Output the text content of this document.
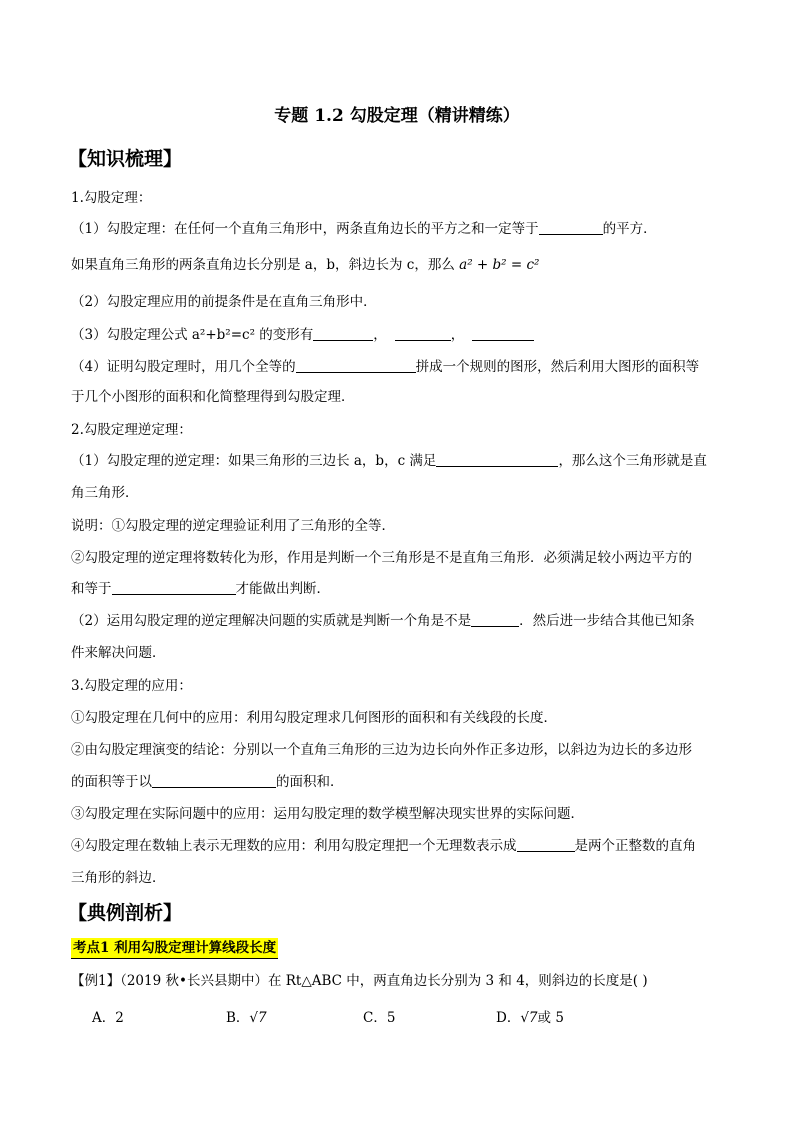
专题 1.2 勾股定理（精讲精练）
【知识梳理】
1.勾股定理：
（1）勾股定理：在任何一个直角三角形中，两条直角边长的平方之和一定等于	的平方．
如果直角三角形的两条直角边长分别是 a，b，斜边长为 c，那么 a² + b² = c²
（2）勾股定理应用的前提条件是在直角三角形中．
（3）勾股定理公式 a²+b²=c² 的变形有	，	，
（4）证明勾股定理时，用几个全等的	拼成一个规则的图形，然后利用大图形的面积等
于几个小图形的面积和化简整理得到勾股定理．
2.勾股定理逆定理：
（1）勾股定理的逆定理：如果三角形的三边长 a，b，c 满足	，那么这个三角形就是直
角三角形．
说明：①勾股定理的逆定理验证利用了三角形的全等．
②勾股定理的逆定理将数转化为形，作用是判断一个三角形是不是直角三角形．必须满足较小两边平方的
和等于	才能做出判断．
（2）运用勾股定理的逆定理解决问题的实质就是判断一个角是不是	．然后进一步结合其他已知条
件来解决问题．
3.勾股定理的应用：
①勾股定理在几何中的应用：利用勾股定理求几何图形的面积和有关线段的长度．
②由勾股定理演变的结论：分别以一个直角三角形的三边为边长向外作正多边形，以斜边为边长的多边形
的面积等于以	的面积和．
③勾股定理在实际问题中的应用：运用勾股定理的数学模型解决现实世界的实际问题．
④勾股定理在数轴上表示无理数的应用：利用勾股定理把一个无理数表示成	是两个正整数的直角
三角形的斜边．
【典例剖析】
考点1 利用勾股定理计算线段长度
【例1】（2019 秋•长兴县期中）在 Rt△ABC 中，两直角边长分别为 3 和 4，则斜边的长度是( )
A．2	B．√7	C．5	D．√7或 5
